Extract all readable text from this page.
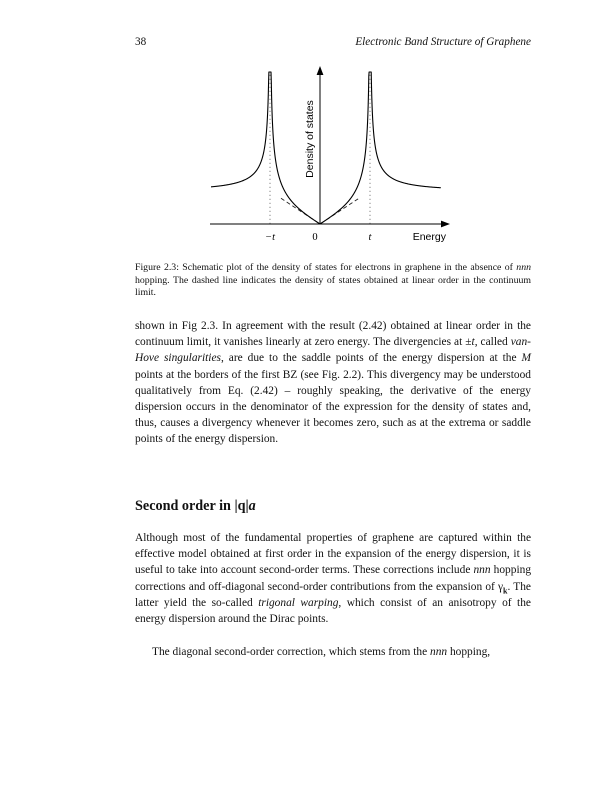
38	Electronic Band Structure of Graphene
Energy
Density of states
−t	0	t
Figure 2.3: Schematic plot of the density of states for electrons in graphene in the absence of nnn hopping. The dashed line indicates the density of states obtained at linear order in the continuum limit.
shown in Fig 2.3. In agreement with the result (2.42) obtained at linear order in the continuum limit, it vanishes linearly at zero energy. The divergencies at ±t, called van-Hove singularities, are due to the saddle points of the energy dispersion at the M points at the borders of the first BZ (see Fig. 2.2). This divergency may be understood qualitatively from Eq. (2.42) – roughly speaking, the derivative of the energy dispersion occurs in the denominator of the expression for the density of states and, thus, causes a divergency whenever it becomes zero, such as at the extrema or saddle points of the energy dispersion.
Second order in |q|a
Although most of the fundamental properties of graphene are captured within the effective model obtained at first order in the expansion of the energy dispersion, it is useful to take into account second-order terms. These corrections include nnn hopping corrections and off-diagonal second-order contributions from the expansion of $\gamma_k$. The latter yield the so-called trigonal warping, which consist of an anisotropy of the energy dispersion around the Dirac points.
The diagonal second-order correction, which stems from the nnn hopping,
